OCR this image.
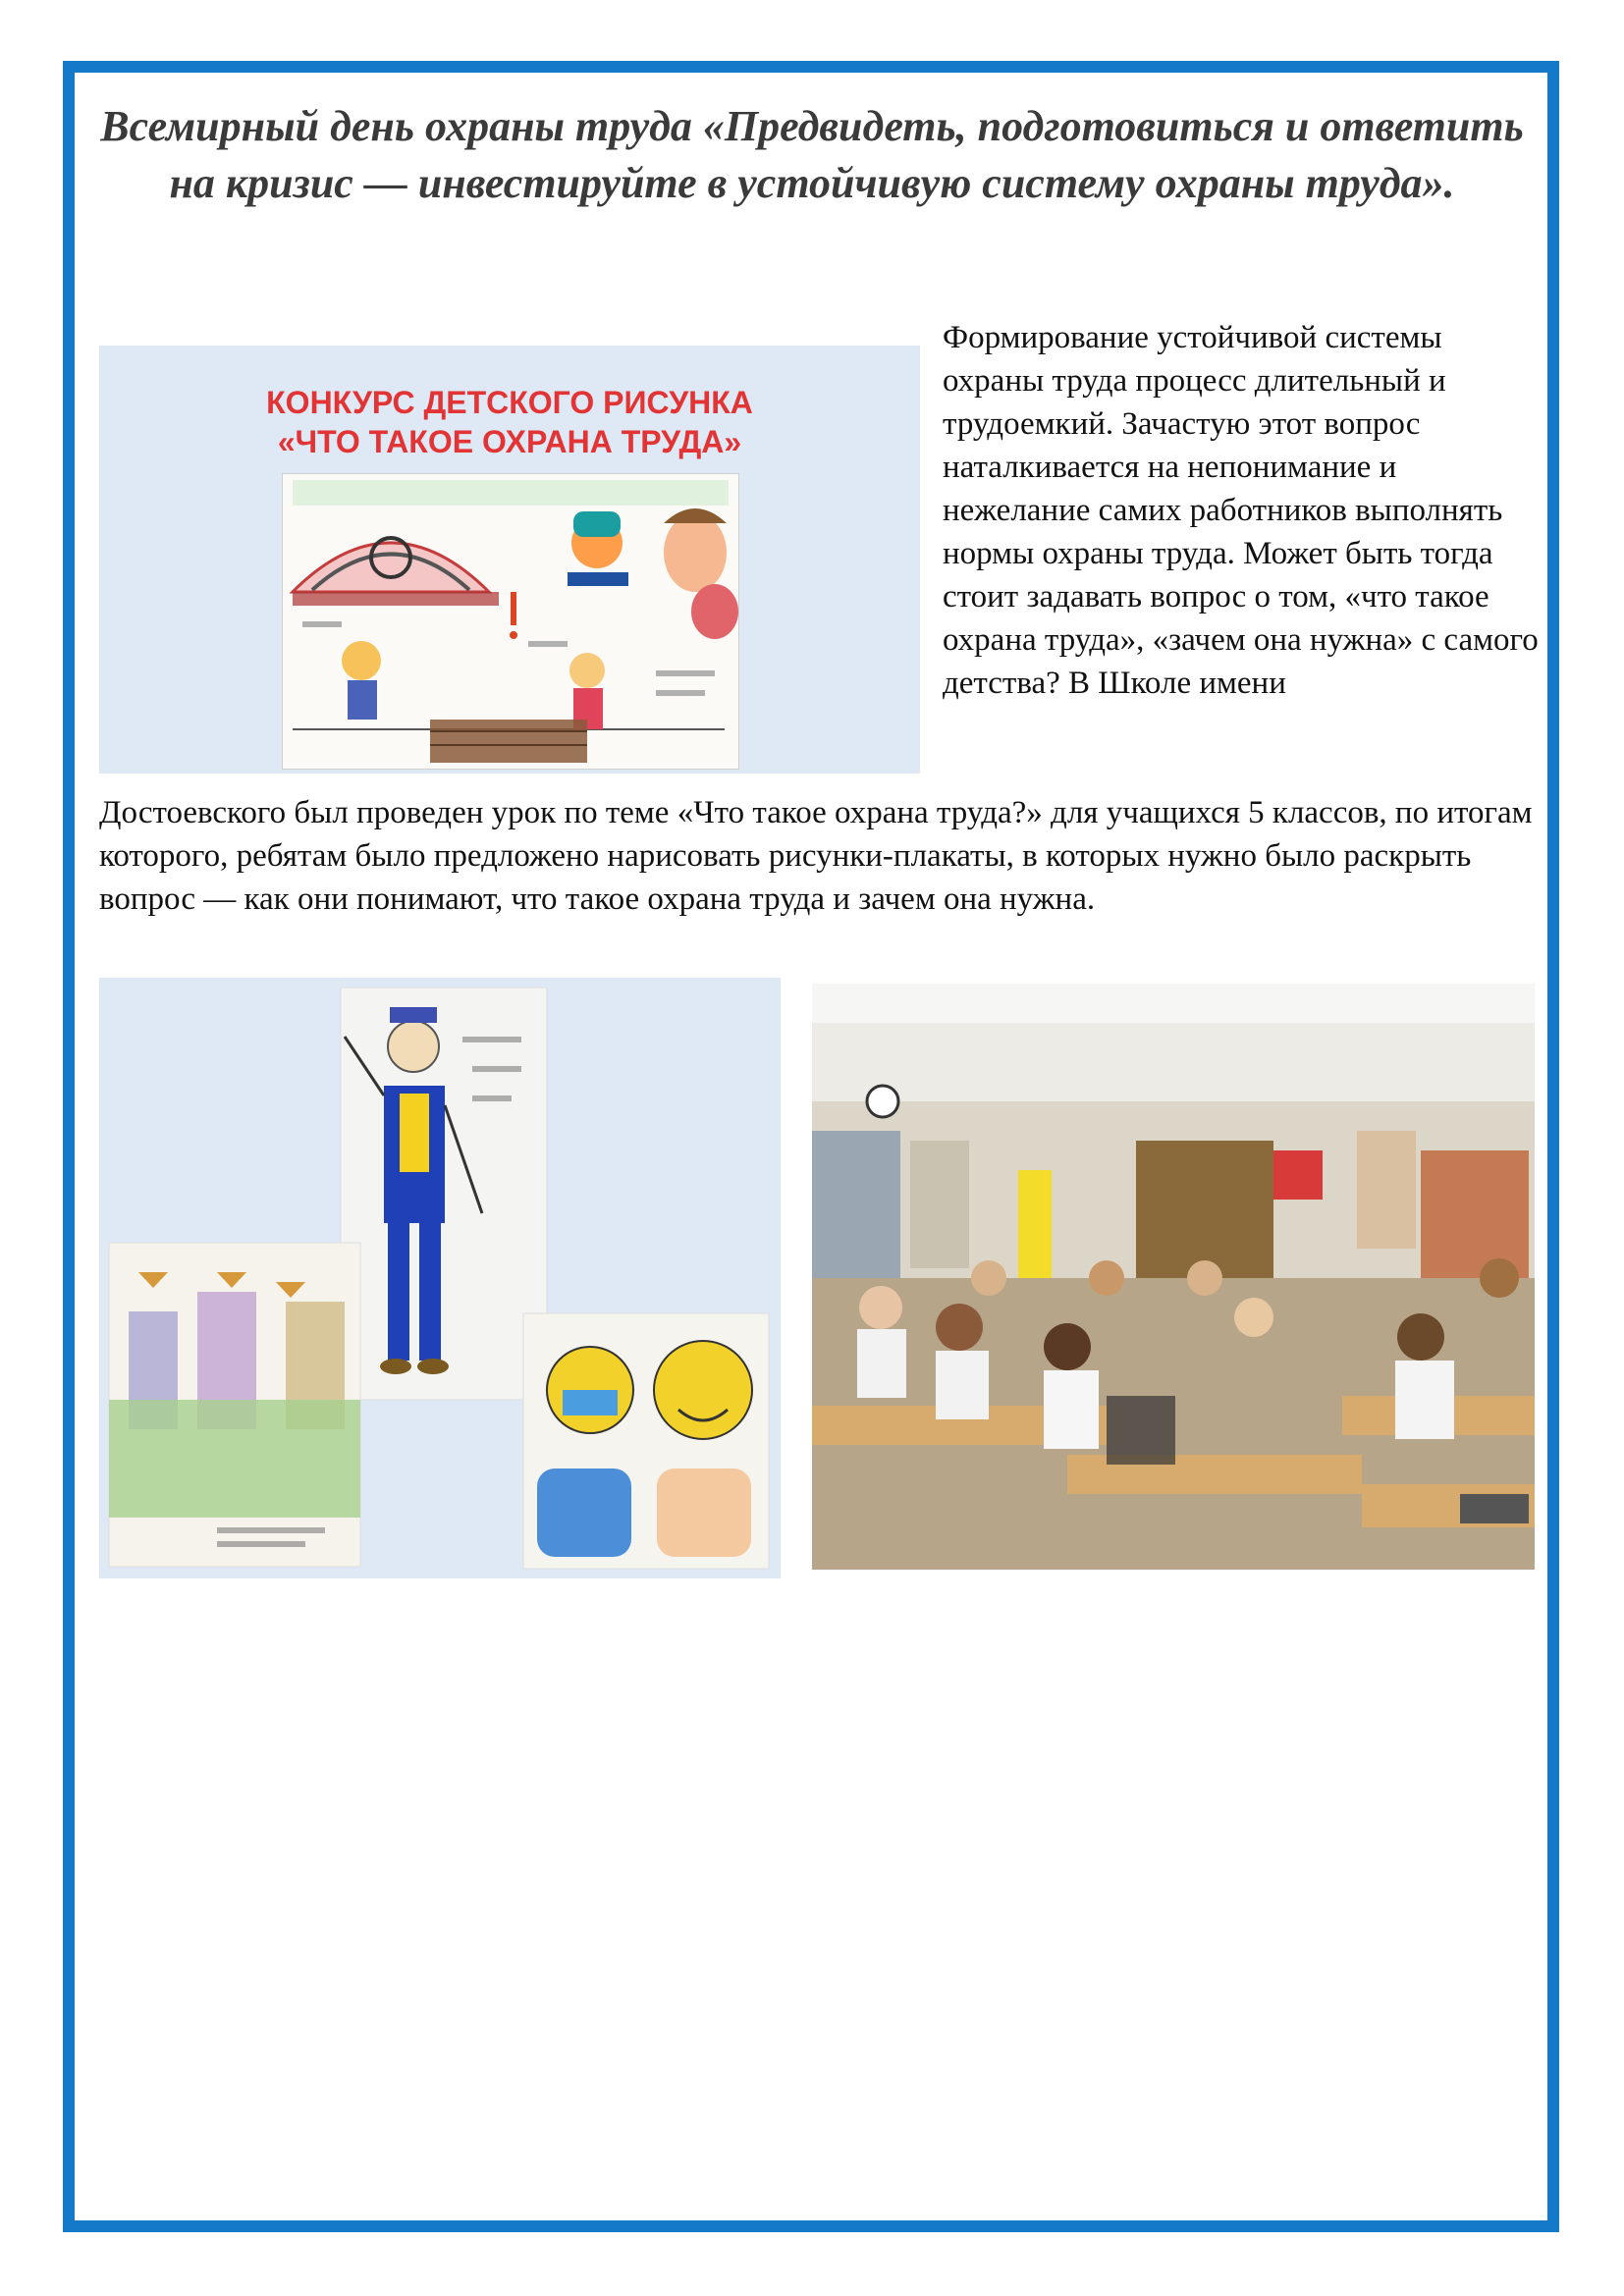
Всемирный день охраны труда «Предвидеть, подготовиться и ответить на кризис — инвестируйте в устойчивую систему охраны труда».
КОНКУРС ДЕТСКОГО РИСУНКА
«ЧТО ТАКОЕ ОХРАНА ТРУДА»
Формирование устойчивой системы охраны труда процесс длительный и трудоемкий. Зачастую этот вопрос наталкивается на непонимание и нежелание самих работников выполнять нормы охраны труда. Может быть тогда стоит задавать вопрос о том, «что такое охрана труда», «зачем она нужна» с самого детства? В Школе имени
Достоевского был проведен урок по теме «Что такое охрана труда?» для учащихся 5 классов, по итогам которого, ребятам было предложено нарисовать рисунки-плакаты, в которых нужно было раскрыть вопрос — как они понимают, что такое охрана труда и зачем она нужна.
